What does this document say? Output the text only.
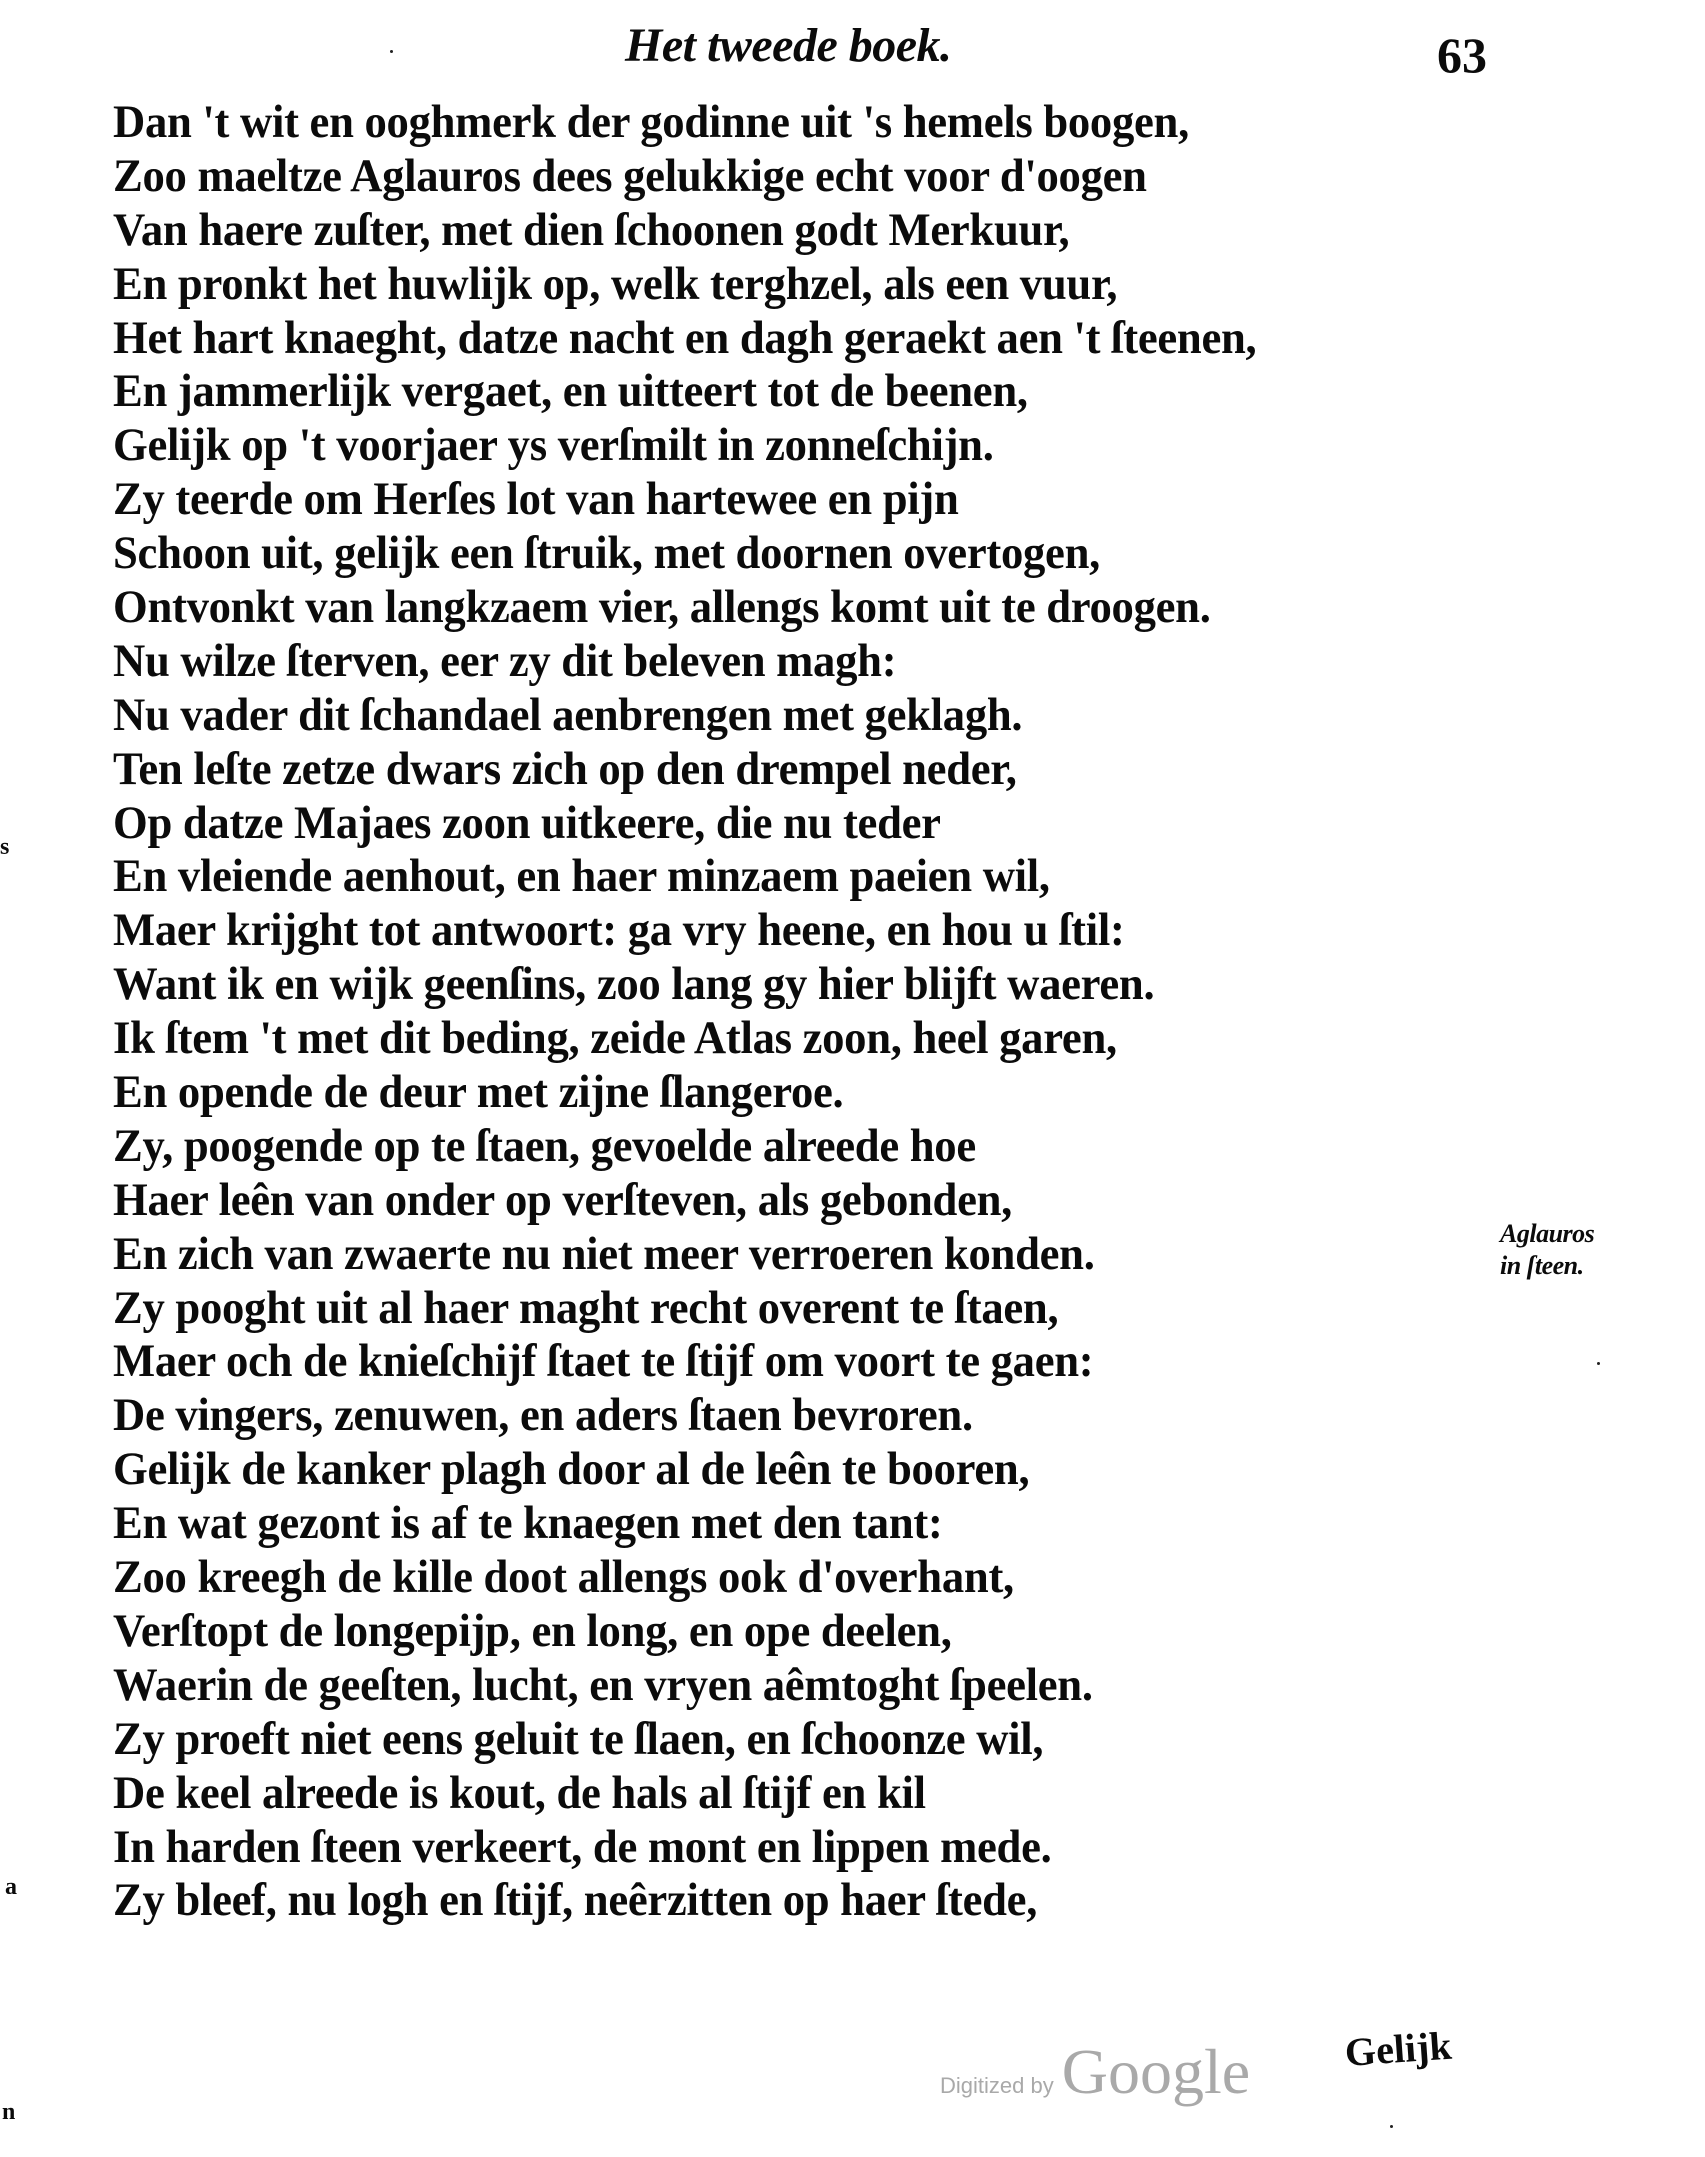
Het tweede boek.	63
Dan 't wit en ooghmerk der godinne uit 's hemels boogen,
Zoo maeltze Aglauros dees gelukkige echt voor d'oogen
Van haere zuſter, met dien ſchoonen godt Merkuur,
En pronkt het huwlijk op, welk terghzel, als een vuur,
Het hart knaeght, datze nacht en dagh geraekt aen 't ſteenen,
En jammerlijk vergaet, en uitteert tot de beenen,
Gelijk op 't voorjaer ys verſmilt in zonneſchijn.
Zy teerde om Herſes lot van hartewee en pijn
Schoon uit, gelijk een ſtruik, met doornen overtogen,
Ontvonkt van langkzaem vier, allengs komt uit te droogen.
Nu wilze ſterven, eer zy dit beleven magh:
Nu vader dit ſchandael aenbrengen met geklagh.
Ten leſte zetze dwars zich op den drempel neder,
Op datze Majaes zoon uitkeere, die nu teder
En vleiende aenhout, en haer minzaem paeien wil,
Maer krijght tot antwoort: ga vry heene, en hou u ſtil:
Want ik en wijk geenſins, zoo lang gy hier blijft waeren.
Ik ſtem 't met dit beding, zeide Atlas zoon, heel garen,
En opende de deur met zijne ſlangeroe.
Zy, poogende op te ſtaen, gevoelde alreede hoe
Haer leên van onder op verſteven, als gebonden,
En zich van zwaerte nu niet meer verroeren konden.
Zy pooght uit al haer maght recht overent te ſtaen,
Maer och de knieſchijf ſtaet te ſtijf om voort te gaen:
De vingers, zenuwen, en aders ſtaen bevroren.
Gelijk de kanker plagh door al de leên te booren,
En wat gezont is af te knaegen met den tant:
Zoo kreegh de kille doot allengs ook d'overhant,
Verſtopt de longepijp, en long, en ope deelen,
Waerin de geeſten, lucht, en vryen aêmtoght ſpeelen.
Zy proeft niet eens geluit te ſlaen, en ſchoonze wil,
De keel alreede is kout, de hals al ſtijf en kil
In harden ſteen verkeert, de mont en lippen mede.
Zy bleef, nu logh en ſtijf, neêrzitten op haer ſtede,
Aglauros
in ſteen.
Digitized by Google Gelijk
s
a
n
